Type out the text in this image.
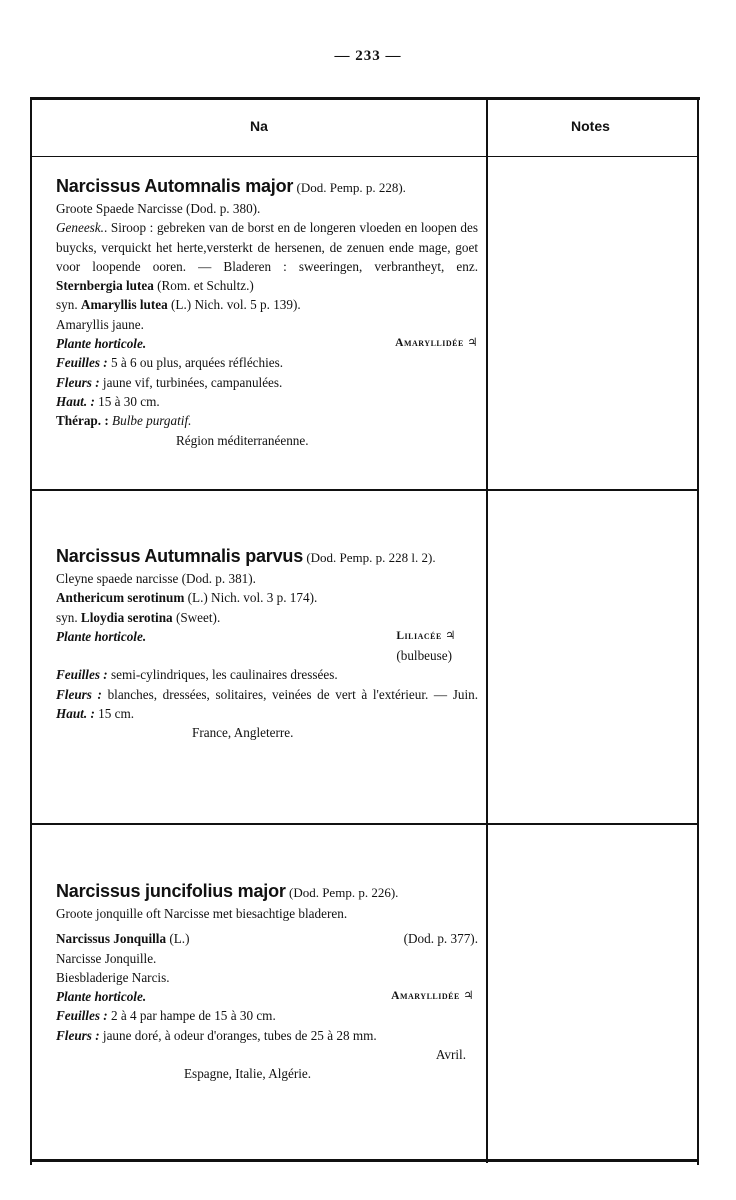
— 233 —
Na	Notes
Narcissus Automnalis major (Dod. Pemp. p. 228).
Groote Spaede Narcisse (Dod. p. 380).
Geneesk.. Siroop : gebreken van de borst en de longeren vloeden en loopen des buycks, verquickt het herte,versterkt de hersenen, de zenuen ende mage, goet voor loopende ooren. — Bladeren : sweeringen, verbrantheyt, enz.
Sternbergia lutea (Rom. et Schultz.)
syn. Amaryllis lutea (L.) Nich. vol. 5 p. 139).
Amaryllis jaune.
Plante horticole.	Amaryllidée ♃
Feuilles : 5 à 6 ou plus, arquées réfléchies.
Fleurs : jaune vif, turbinées, campanulées.
Haut. : 15 à 30 cm.
Thérap. : Bulbe purgatif.
Région méditerranéenne.
Narcissus Autumnalis parvus (Dod. Pemp. p. 228 l. 2).
Cleyne spaede narcisse (Dod. p. 381).
Anthericum serotinum (L.) Nich. vol. 3 p. 174).
syn. Lloydia serotina (Sweet).
Plante horticole.	Liliacée ♃
(bulbeuse)
Feuilles : semi-cylindriques, les caulinaires dressées.
Fleurs : blanches, dressées, solitaires, veinées de vert à l'extérieur. — Juin.
Haut. : 15 cm.
France, Angleterre.
Narcissus juncifolius major (Dod. Pemp. p. 226).
Groote jonquille oft Narcisse met biesachtige bladeren.
Narcissus Jonquilla (L.)	(Dod. p. 377).
Narcisse Jonquille.
Biesbladerige Narcis.
Plante horticole.	Amaryllidée ♃
Feuilles : 2 à 4 par hampe de 15 à 30 cm.
Fleurs : jaune doré, à odeur d'oranges, tubes de 25 à 28 mm.
Avril.
Espagne, Italie, Algérie.
